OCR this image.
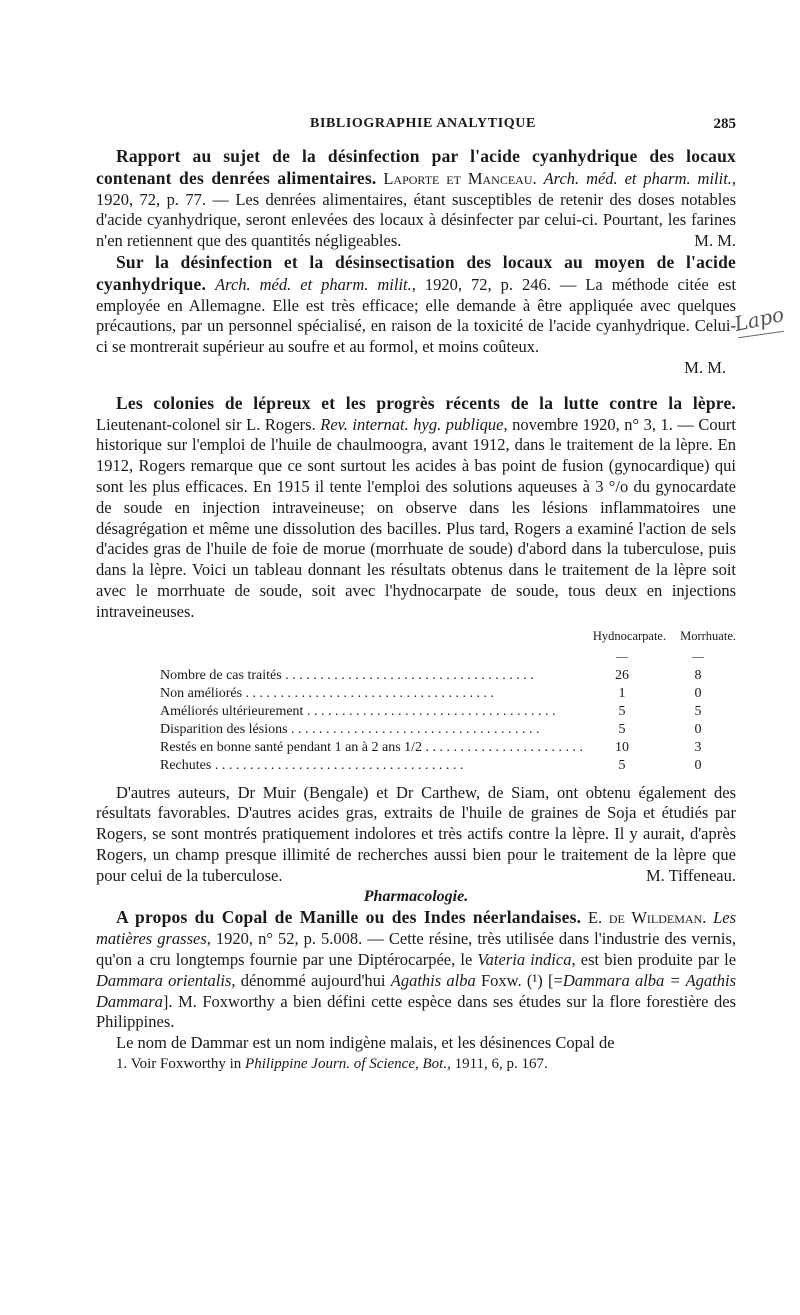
BIBLIOGRAPHIE ANALYTIQUE	285
Lapo

Rapport au sujet de la désinfection par l'acide cyanhydrique des locaux contenant des denrées alimentaires. Laporte et Manceau. Arch. méd. et pharm. milit., 1920, 72, p. 77. — Les denrées alimentaires, étant susceptibles de retenir des doses notables d'acide cyanhydrique, seront enlevées des locaux à désinfecter par celui-ci. Pourtant, les farines n'en retiennent que des quantités négligeables.	M. M.

Sur la désinfection et la désinsectisation des locaux au moyen de l'acide cyanhydrique. Arch. méd. et pharm. milit., 1920, 72, p. 246. — La méthode citée est employée en Allemagne. Elle est très efficace; elle demande à être appliquée avec quelques précautions, par un personnel spécialisé, en raison de la toxicité de l'acide cyanhydrique. Celui-ci se montrerait supérieur au soufre et au formol, et moins coûteux.

M. M.

Les colonies de lépreux et les progrès récents de la lutte contre la lèpre. Lieutenant-colonel sir L. Rogers. Rev. internat. hyg. publique, novembre 1920, n° 3, 1. — Court historique sur l'emploi de l'huile de chaulmoogra, avant 1912, dans le traitement de la lèpre. En 1912, Rogers remarque que ce sont surtout les acides à bas point de fusion (gynocardique) qui sont les plus efficaces. En 1915 il tente l'emploi des solutions aqueuses à 3 °/o du gynocardate de soude en injection intraveineuse; on observe dans les lésions inflammatoires une désagrégation et même une dissolution des bacilles. Plus tard, Rogers a examiné l'action de sels d'acides gras de l'huile de foie de morue (morrhuate de soude) d'abord dans la tuberculose, puis dans la lèpre. Voici un tableau donnant les résultats obtenus dans le traitement de la lèpre soit avec le morrhuate de soude, soit avec l'hydnocarpate de soude, tous deux en injections intraveineuses.

Hydnocarpate. Morrhuate.
—	—
Nombre de cas traités . . .	26	8
Non améliorés . . .	1	0
Améliorés ultérieurement . . .	5	5
Disparition des lésions . . .	5	0
Restés en bonne santé pendant 1 an à 2 ans 1/2 . . .	10	3
Rechutes . . .	5	0

D'autres auteurs, Dr Muir (Bengale) et Dr Carthew, de Siam, ont obtenu également des résultats favorables. D'autres acides gras, extraits de l'huile de graines de Soja et étudiés par Rogers, se sont montrés pratiquement indolores et très actifs contre la lèpre. Il y aurait, d'après Rogers, un champ presque illimité de recherches aussi bien pour le traitement de la lèpre que pour celui de la tuberculose.	M. Tiffeneau.

Pharmacologie.

A propos du Copal de Manille ou des Indes néerlandaises. E. de Wildeman. Les matières grasses, 1920, n° 52, p. 5.008. — Cette résine, très utilisée dans l'industrie des vernis, qu'on a cru longtemps fournie par une Diptérocarpée, le Vateria indica, est bien produite par le Dammara orientalis, dénommé aujourd'hui Agathis alba Foxw. (¹) [=Dammara alba = Agathis Dammara]. M. Foxworthy a bien défini cette espèce dans ses études sur la flore forestière des Philippines.

Le nom de Dammar est un nom indigène malais, et les désinences Copal de

1. Voir Foxworthy in Philippine Journ. of Science, Bot., 1911, 6, p. 167.
